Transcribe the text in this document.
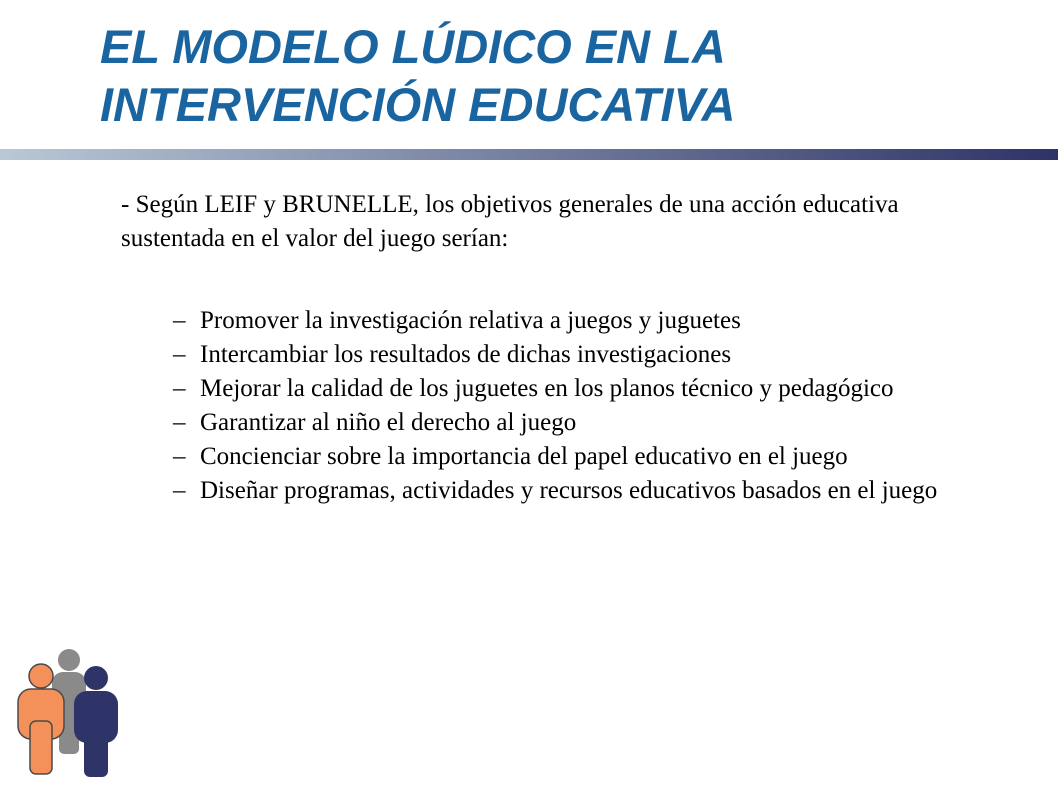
EL MODELO LÚDICO EN LA
INTERVENCIÓN EDUCATIVA

- Según LEIF y BRUNELLE, los objetivos generales de una acción educativa sustentada en el valor del juego serían:

– Promover la investigación relativa a juegos y juguetes
– Intercambiar los resultados de dichas investigaciones
– Mejorar la calidad de los juguetes en los planos técnico y pedagógico
– Garantizar al niño el derecho al juego
– Concienciar sobre la importancia del papel educativo en el juego
– Diseñar programas, actividades y recursos educativos basados en el juego
